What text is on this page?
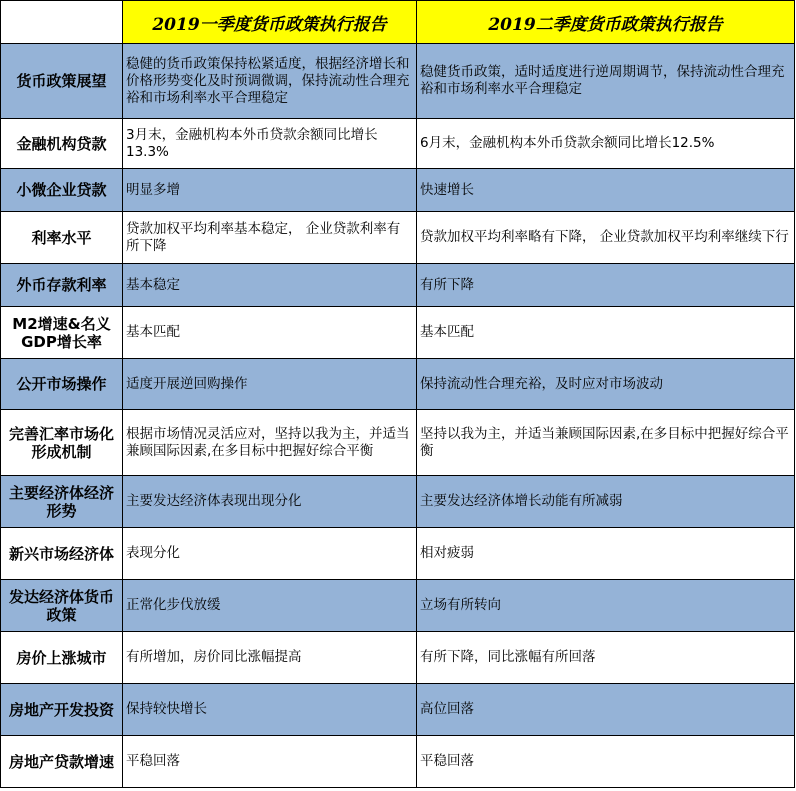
	2019一季度货币政策执行报告	2019二季度货币政策执行报告
货币政策展望	稳健的货币政策保持松紧适度，根据经济增长和价格形势变化及时预调微调，保持流动性合理充裕和市场利率水平合理稳定	稳健货币政策，适时适度进行逆周期调节，保持流动性合理充裕和市场利率水平合理稳定
金融机构贷款	3月末，金融机构本外币贷款余额同比增长13.3%	6月末，金融机构本外币贷款余额同比增长12.5%
小微企业贷款	明显多增	快速增长
利率水平	贷款加权平均利率基本稳定， 企业贷款利率有所下降	贷款加权平均利率略有下降， 企业贷款加权平均利率继续下行
外币存款利率	基本稳定	有所下降
M2增速&名义GDP增长率	基本匹配	基本匹配
公开市场操作	适度开展逆回购操作	保持流动性合理充裕，及时应对市场波动
完善汇率市场化形成机制	根据市场情况灵活应对，坚持以我为主，并适当兼顾国际因素,在多目标中把握好综合平衡	坚持以我为主，并适当兼顾国际因素,在多目标中把握好综合平衡
主要经济体经济形势	主要发达经济体表现出现分化	主要发达经济体增长动能有所减弱
新兴市场经济体	表现分化	相对疲弱
发达经济体货币政策	正常化步伐放缓	立场有所转向
房价上涨城市	有所增加，房价同比涨幅提高	有所下降，同比涨幅有所回落
房地产开发投资	保持较快增长	高位回落
房地产贷款增速	平稳回落	平稳回落
